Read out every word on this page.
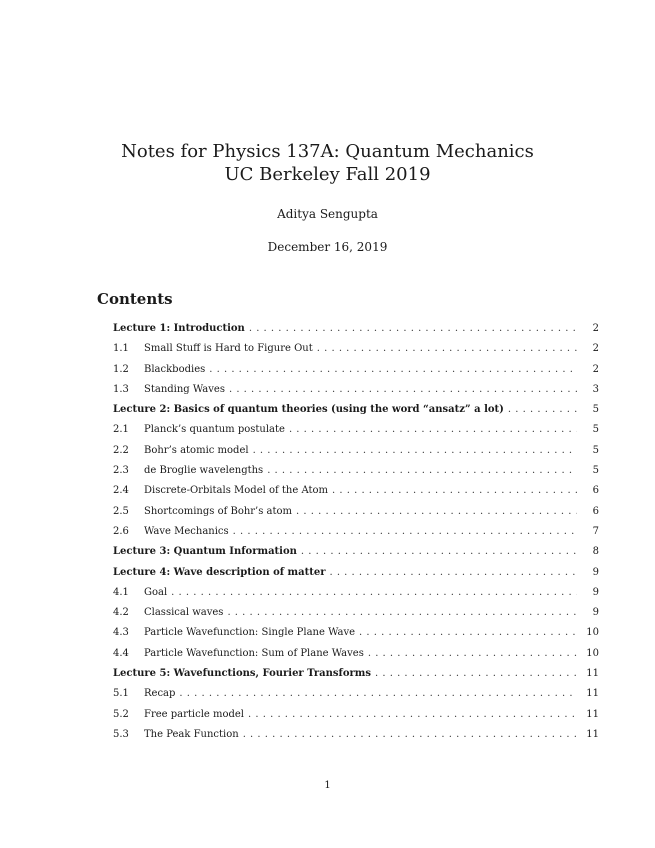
Notes for Physics 137A: Quantum Mechanics

UC Berkeley Fall 2019

Aditya Sengupta
December 16, 2019
Contents
Lecture 1: Introduction . . .	2
1.1	Small Stuff is Hard to Figure Out . . .	2
1.2	Blackbodies . . .	2
1.3	Standing Waves . . .	3
Lecture 2: Basics of quantum theories (using the word “ansatz” a lot) . . .	5
2.1	Planck’s quantum postulate . . .	5
2.2	Bohr’s atomic model . . .	5
2.3	de Broglie wavelengths . . .	5
2.4	Discrete-Orbitals Model of the Atom . . .	6
2.5	Shortcomings of Bohr’s atom . . .	6
2.6	Wave Mechanics . . .	7
Lecture 3: Quantum Information . . .	8
Lecture 4: Wave description of matter . . .	9
4.1	Goal . . .	9
4.2	Classical waves . . .	9
4.3	Particle Wavefunction: Single Plane Wave . . .	10
4.4	Particle Wavefunction: Sum of Plane Waves . . .	10
Lecture 5: Wavefunctions, Fourier Transforms . . .	11
5.1	Recap . . .	11
5.2	Free particle model . . .	11
5.3	The Peak Function . . .	11
1
